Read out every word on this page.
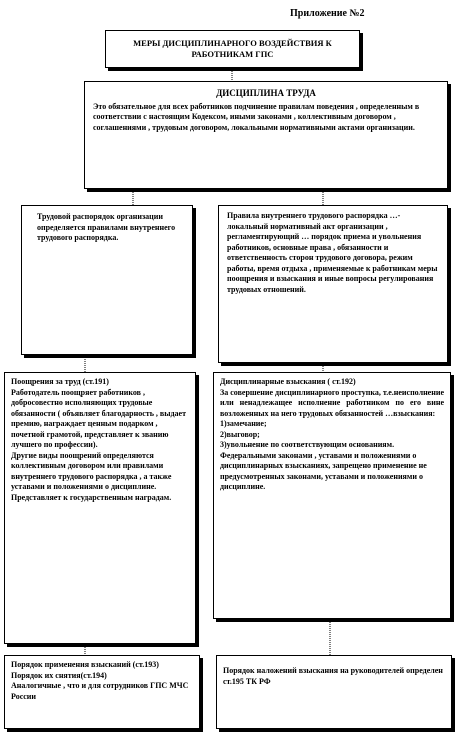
Приложение №2
МЕРЫ ДИСЦИПЛИНАРНОГО ВОЗДЕЙСТВИЯ К РАБОТНИКАМ ГПС

ДИСЦИПЛИНА ТРУДА

Это обязательное для всех работников подчинение правилам поведения , определенным в соответствии с настоящим Кодексом, иными законами , коллективным договором , соглашениями , трудовым договором, локальными нормативными актами организации.

Трудовой распорядок организации определяется правилами внутреннего трудового распорядка.

Правила внутреннего трудового распорядка …- локальный нормативный акт организации , регламентирующий … порядок приема и увольнения работников, основные права , обязанности и ответственность сторон трудового договора, режим работы, время отдыха , применяемые к работникам меры поощрения и взыскания и иные вопросы регулирования трудовых отношений.

Поощрения за труд (ст.191)

Работодатель поощряет работников , добросовестно исполняющих трудовые обязанности ( объявляет благодарность , выдает премию, награждает ценным подарком , почетной грамотой, представляет к званию лучшего по профессии).

Другие виды поощрений определяются коллективным договором или правилами внутреннего трудового распорядка , а также уставами и положениями о дисциплине.

Представляет к государственным наградам.

Дисциплинарные взыскания ( ст.192)

За совершение дисциплинарного проступка, т.е.неисполнение или ненадлежащее исполнение работником по его вине возложенных на него трудовых обязанностей …взыскания:

1)замечание;

2)выговор;

3)увольнение по соответствующим основаниям.

Федеральными законами , уставами и положениями о дисциплинарных взысканиях, запрещено применение не предусмотренных законами, уставами и положениями о дисциплине.

Порядок применения взысканий (ст.193)

Порядок их снятия(ст.194)

Аналогичные , что и для сотрудников ГПС МЧС России

Порядок наложений взыскания на руководителей определен ст.195 ТК РФ
